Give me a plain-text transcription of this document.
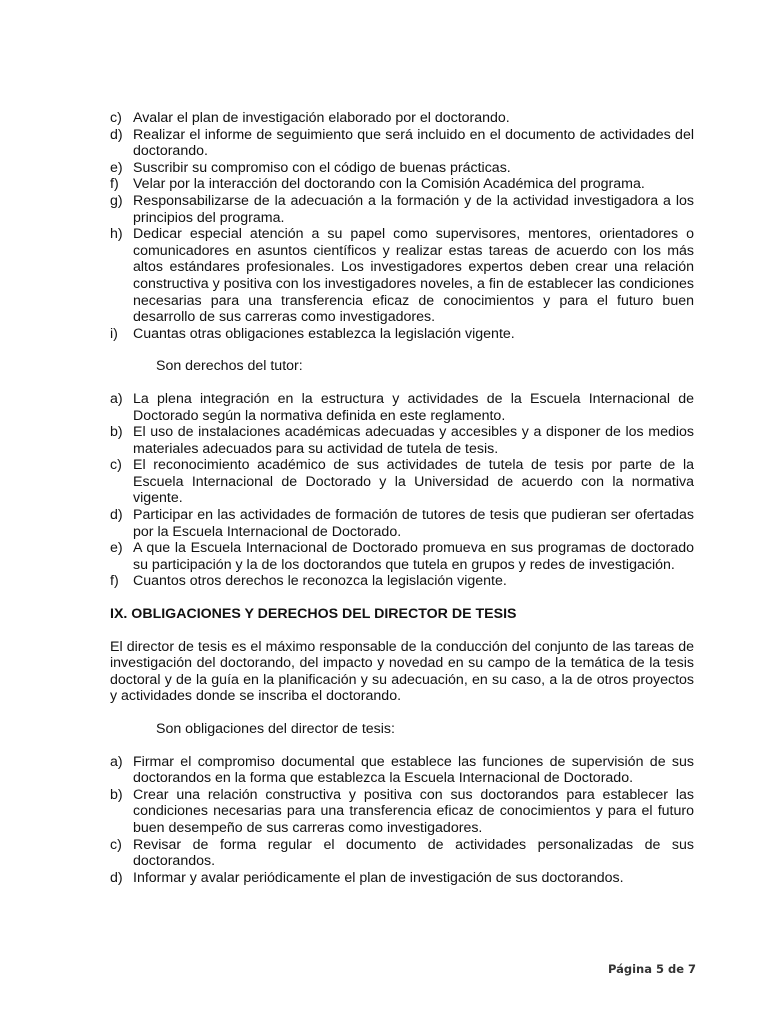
c) Avalar el plan de investigación elaborado por el doctorando.
d) Realizar el informe de seguimiento que será incluido en el documento de actividades del doctorando.
e) Suscribir su compromiso con el código de buenas prácticas.
f) Velar por la interacción del doctorando con la Comisión Académica del programa.
g) Responsabilizarse de la adecuación a la formación y de la actividad investigadora a los principios del programa.
h) Dedicar especial atención a su papel como supervisores, mentores, orientadores o comunicadores en asuntos científicos y realizar estas tareas de acuerdo con los más altos estándares profesionales. Los investigadores expertos deben crear una relación constructiva y positiva con los investigadores noveles, a fin de establecer las condiciones necesarias para una transferencia eficaz de conocimientos y para el futuro buen desarrollo de sus carreras como investigadores.
i) Cuantas otras obligaciones establezca la legislación vigente.
Son derechos del tutor:
a) La plena integración en la estructura y actividades de la Escuela Internacional de Doctorado según la normativa definida en este reglamento.
b) El uso de instalaciones académicas adecuadas y accesibles y a disponer de los medios materiales adecuados para su actividad de tutela de tesis.
c) El reconocimiento académico de sus actividades de tutela de tesis por parte de la Escuela Internacional de Doctorado y la Universidad de acuerdo con la normativa vigente.
d) Participar en las actividades de formación de tutores de tesis que pudieran ser ofertadas por la Escuela Internacional de Doctorado.
e) A que la Escuela Internacional de Doctorado promueva en sus programas de doctorado su participación y la de los doctorandos que tutela en grupos y redes de investigación.
f) Cuantos otros derechos le reconozca la legislación vigente.
IX. OBLIGACIONES Y DERECHOS DEL DIRECTOR DE TESIS

El director de tesis es el máximo responsable de la conducción del conjunto de las tareas de investigación del doctorando, del impacto y novedad en su campo de la temática de la tesis doctoral y de la guía en la planificación y su adecuación, en su caso, a la de otros proyectos y actividades donde se inscriba el doctorando.

Son obligaciones del director de tesis:
a) Firmar el compromiso documental que establece las funciones de supervisión de sus doctorandos en la forma que establezca la Escuela Internacional de Doctorado.
b) Crear una relación constructiva y positiva con sus doctorandos para establecer las condiciones necesarias para una transferencia eficaz de conocimientos y para el futuro buen desempeño de sus carreras como investigadores.
c) Revisar de forma regular el documento de actividades personalizadas de sus doctorandos.
d) Informar y avalar periódicamente el plan de investigación de sus doctorandos.
Página 5 de 7
